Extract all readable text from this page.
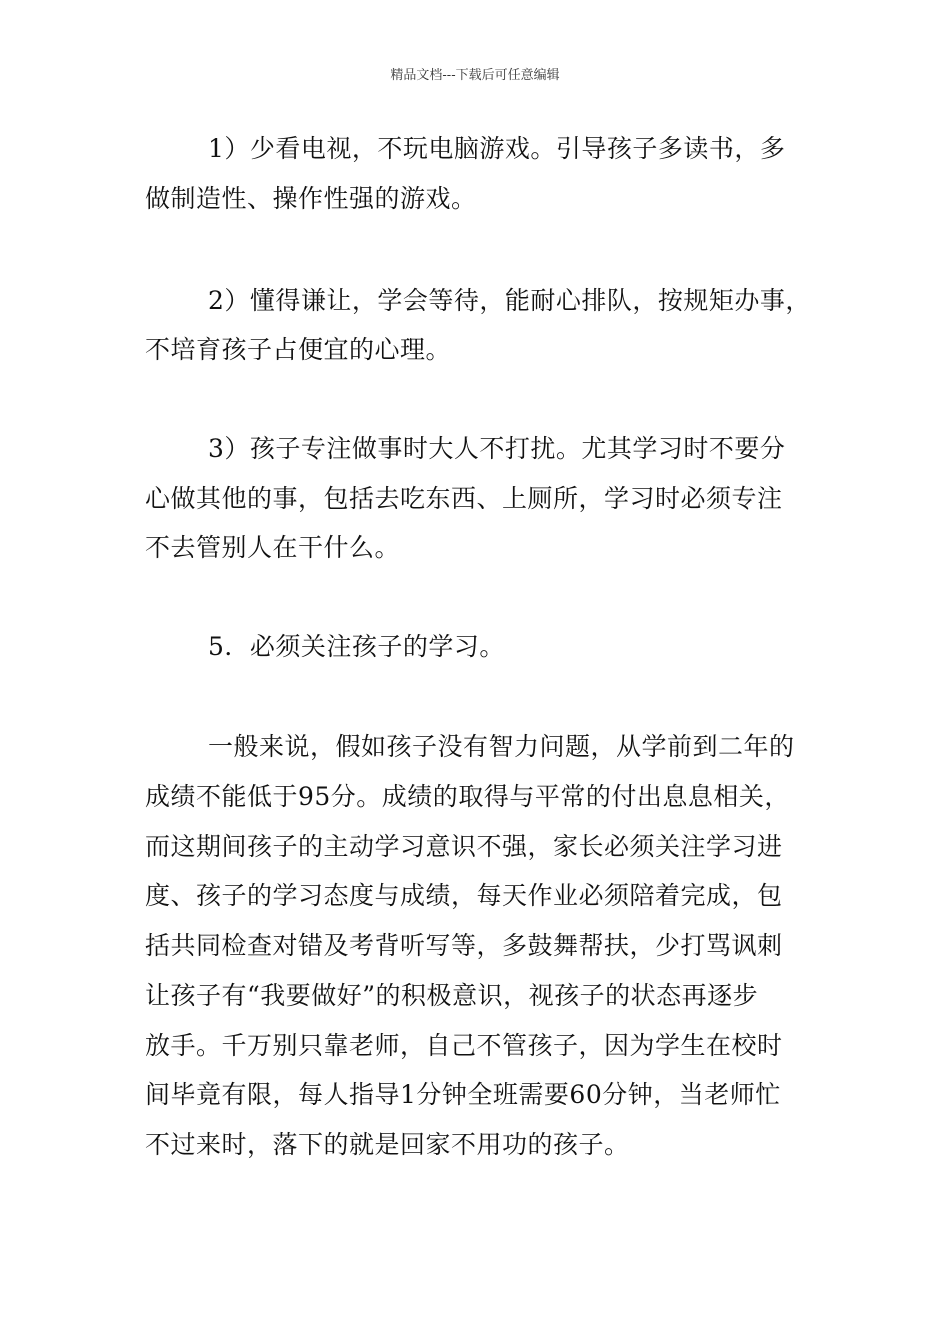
精品文档---下载后可任意编辑
1）少看电视，不玩电脑游戏。引导孩子多读书，多
做制造性、操作性强的游戏。
2）懂得谦让，学会等待，能耐心排队，按规矩办事，
不培育孩子占便宜的心理。
3）孩子专注做事时大人不打扰。尤其学习时不要分
心做其他的事，包括去吃东西、上厕所，学习时必须专注
不去管别人在干什么。
5．必须关注孩子的学习。
一般来说，假如孩子没有智力问题，从学前到二年的
成绩不能低于95分。成绩的取得与平常的付出息息相关，
而这期间孩子的主动学习意识不强，家长必须关注学习进
度、孩子的学习态度与成绩，每天作业必须陪着完成，包
括共同检查对错及考背听写等，多鼓舞帮扶，少打骂讽刺
让孩子有“我要做好”的积极意识，视孩子的状态再逐步
放手。千万别只靠老师，自己不管孩子，因为学生在校时
间毕竟有限，每人指导1分钟全班需要60分钟，当老师忙
不过来时，落下的就是回家不用功的孩子。
